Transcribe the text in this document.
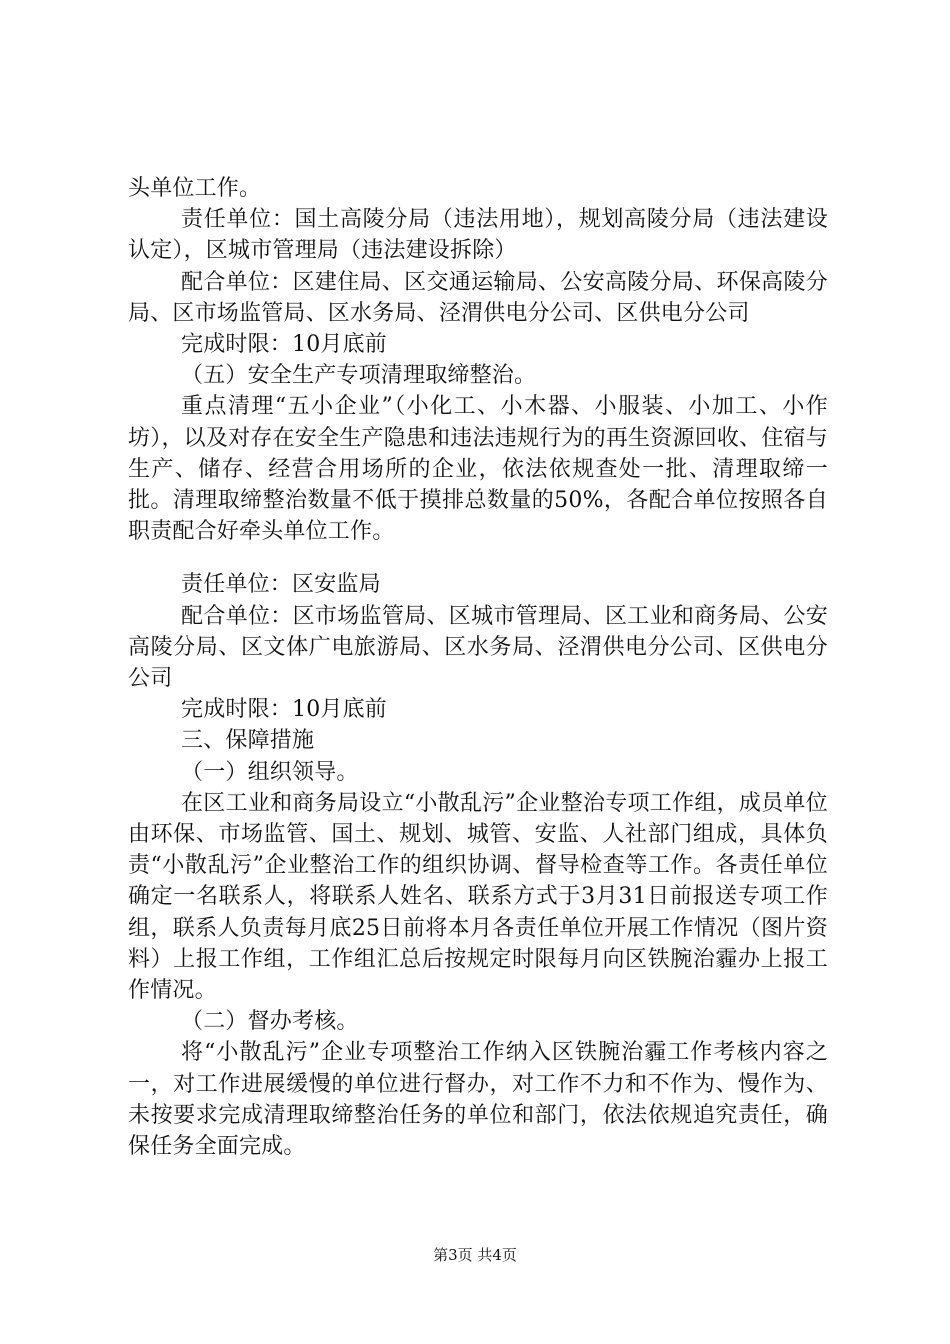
头单位工作。

责任单位：国土高陵分局（违法用地），规划高陵分局（违法建设认定），区城市管理局（违法建设拆除）

配合单位：区建住局、区交通运输局、公安高陵分局、环保高陵分局、区市场监管局、区水务局、泾渭供电分公司、区供电分公司

完成时限：10月底前

（五）安全生产专项清理取缔整治。

重点清理“五小企业”（小化工、小木器、小服装、小加工、小作坊），以及对存在安全生产隐患和违法违规行为的再生资源回收、住宿与生产、储存、经营合用场所的企业，依法依规查处一批、清理取缔一批。清理取缔整治数量不低于摸排总数量的50%，各配合单位按照各自职责配合好牵头单位工作。

责任单位：区安监局

配合单位：区市场监管局、区城市管理局、区工业和商务局、公安高陵分局、区文体广电旅游局、区水务局、泾渭供电分公司、区供电分公司

完成时限：10月底前

三、保障措施

（一）组织领导。

在区工业和商务局设立“小散乱污”企业整治专项工作组，成员单位由环保、市场监管、国土、规划、城管、安监、人社部门组成，具体负责“小散乱污”企业整治工作的组织协调、督导检查等工作。各责任单位确定一名联系人，将联系人姓名、联系方式于3月31日前报送专项工作组，联系人负责每月底25日前将本月各责任单位开展工作情况（图片资料）上报工作组，工作组汇总后按规定时限每月向区铁腕治霾办上报工作情况。

（二）督办考核。

将“小散乱污”企业专项整治工作纳入区铁腕治霾工作考核内容之一，对工作进展缓慢的单位进行督办，对工作不力和不作为、慢作为、未按要求完成清理取缔整治任务的单位和部门，依法依规追究责任，确保任务全面完成。

第3页 共4页
